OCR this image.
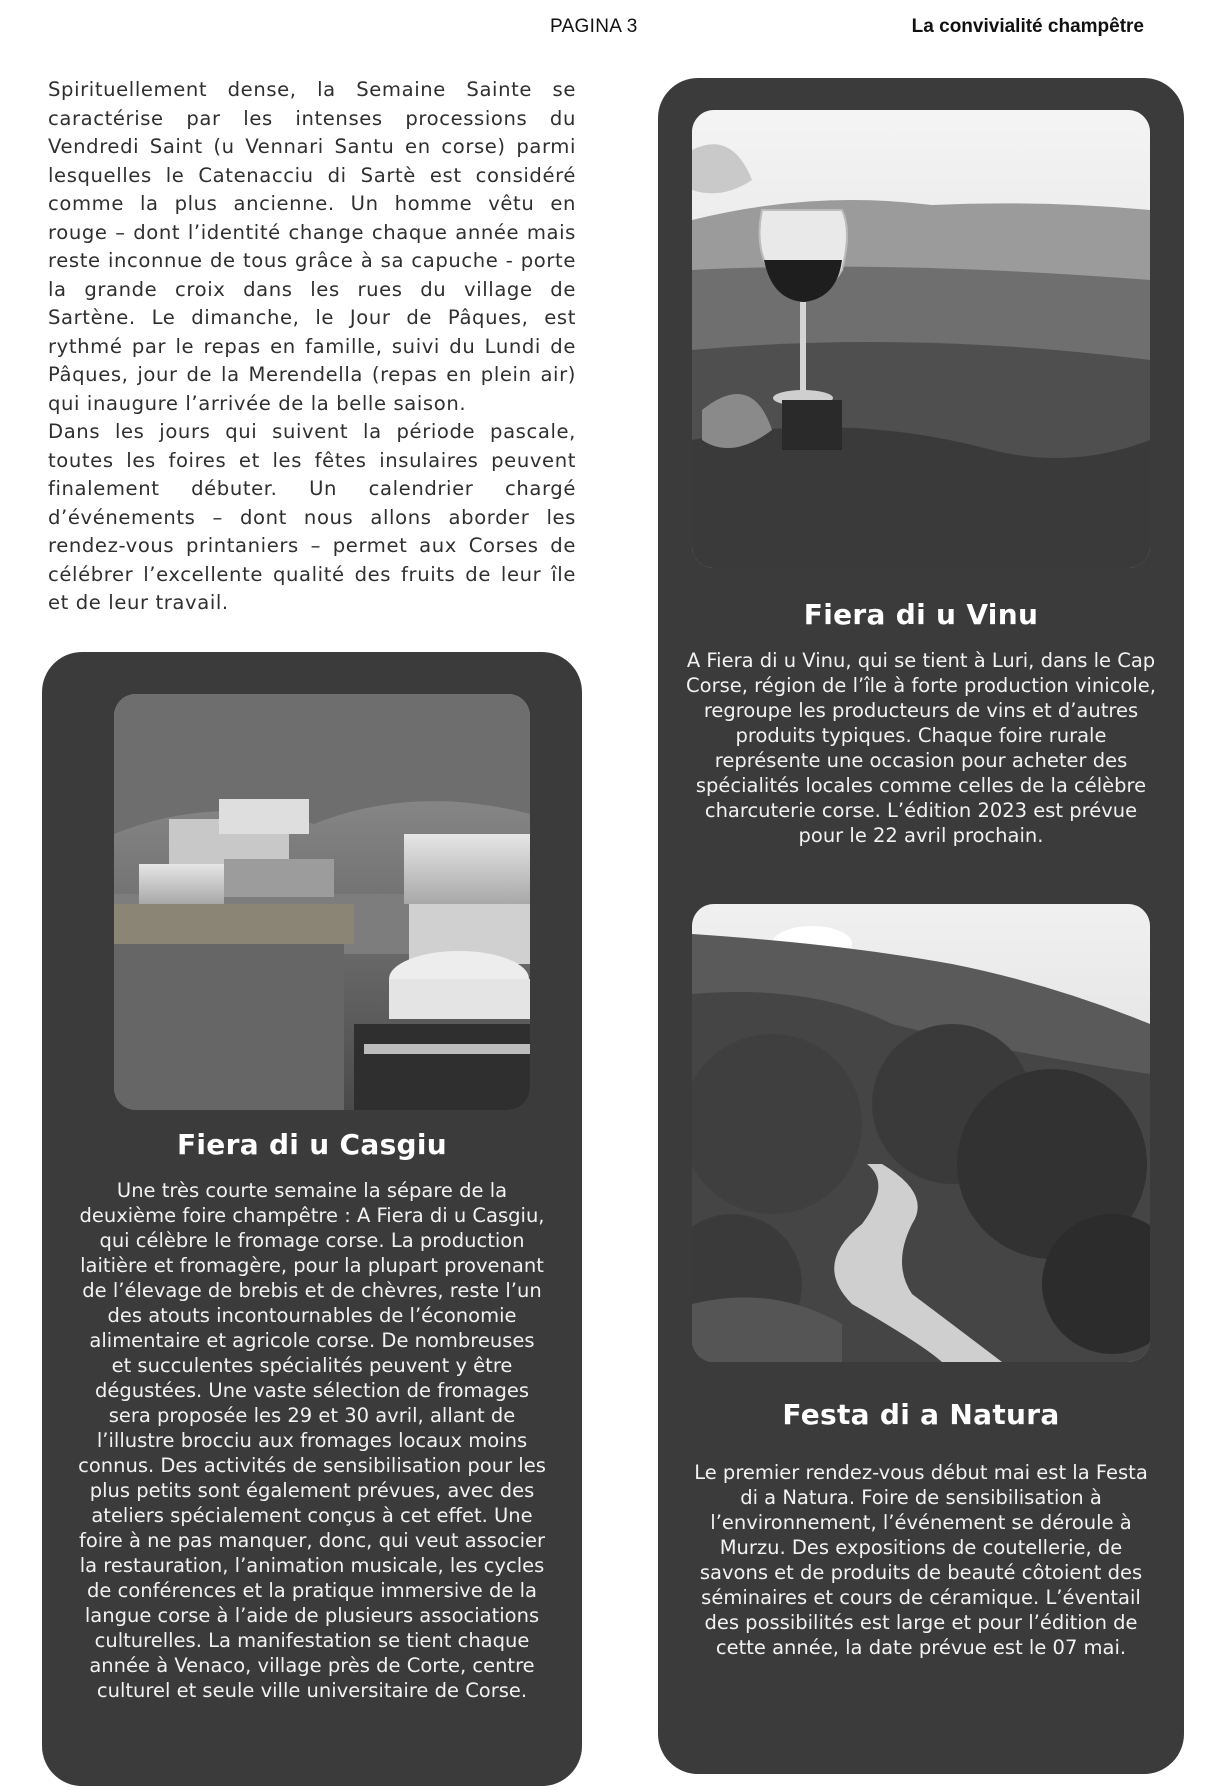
PAGINA 3	La convivialité champêtre

Spirituellement dense, la Semaine Sainte se caractérise par les intenses processions du Vendredi Saint (u Vennari Santu en corse) parmi lesquelles le Catenacciu di Sartè est considéré comme la plus ancienne. Un homme vêtu en rouge – dont l’identité change chaque année mais reste inconnue de tous grâce à sa capuche - porte la grande croix dans les rues du village de Sartène. Le dimanche, le Jour de Pâques, est rythmé par le repas en famille, suivi du Lundi de Pâques, jour de la Merendella (repas en plein air) qui inaugure l’arrivée de la belle saison.

Dans les jours qui suivent la période pascale, toutes les foires et les fêtes insulaires peuvent finalement débuter. Un calendrier chargé d’événements – dont nous allons aborder les rendez-vous printaniers – permet aux Corses de célébrer l’excellente qualité des fruits de leur île et de leur travail.

Fiera di u Casgiu
Une très courte semaine la sépare de la deuxième foire champêtre : A Fiera di u Casgiu, qui célèbre le fromage corse. La production laitière et fromagère, pour la plupart provenant de l’élevage de brebis et de chèvres, reste l’un des atouts incontournables de l’économie alimentaire et agricole corse. De nombreuses et succulentes spécialités peuvent y être dégustées. Une vaste sélection de fromages sera proposée les 29 et 30 avril, allant de l’illustre brocciu aux fromages locaux moins connus. Des activités de sensibilisation pour les plus petits sont également prévues, avec des ateliers spécialement conçus à cet effet. Une foire à ne pas manquer, donc, qui veut associer la restauration, l’animation musicale, les cycles de conférences et la pratique immersive de la langue corse à l’aide de plusieurs associations culturelles. La manifestation se tient chaque année à Venaco, village près de Corte, centre culturel et seule ville universitaire de Corse.
Fiera di u Vinu
A Fiera di u Vinu, qui se tient à Luri, dans le Cap Corse, région de l’île à forte production vinicole, regroupe les producteurs de vins et d’autres produits typiques. Chaque foire rurale représente une occasion pour acheter des spécialités locales comme celles de la célèbre charcuterie corse. L’édition 2023 est prévue pour le 22 avril prochain.
Festa di a Natura
Le premier rendez-vous début mai est la Festa di a Natura. Foire de sensibilisation à l’environnement, l’événement se déroule à Murzu. Des expositions de coutellerie, de savons et de produits de beauté côtoient des séminaires et cours de céramique. L’éventail des possibilités est large et pour l’édition de cette année, la date prévue est le 07 mai.
